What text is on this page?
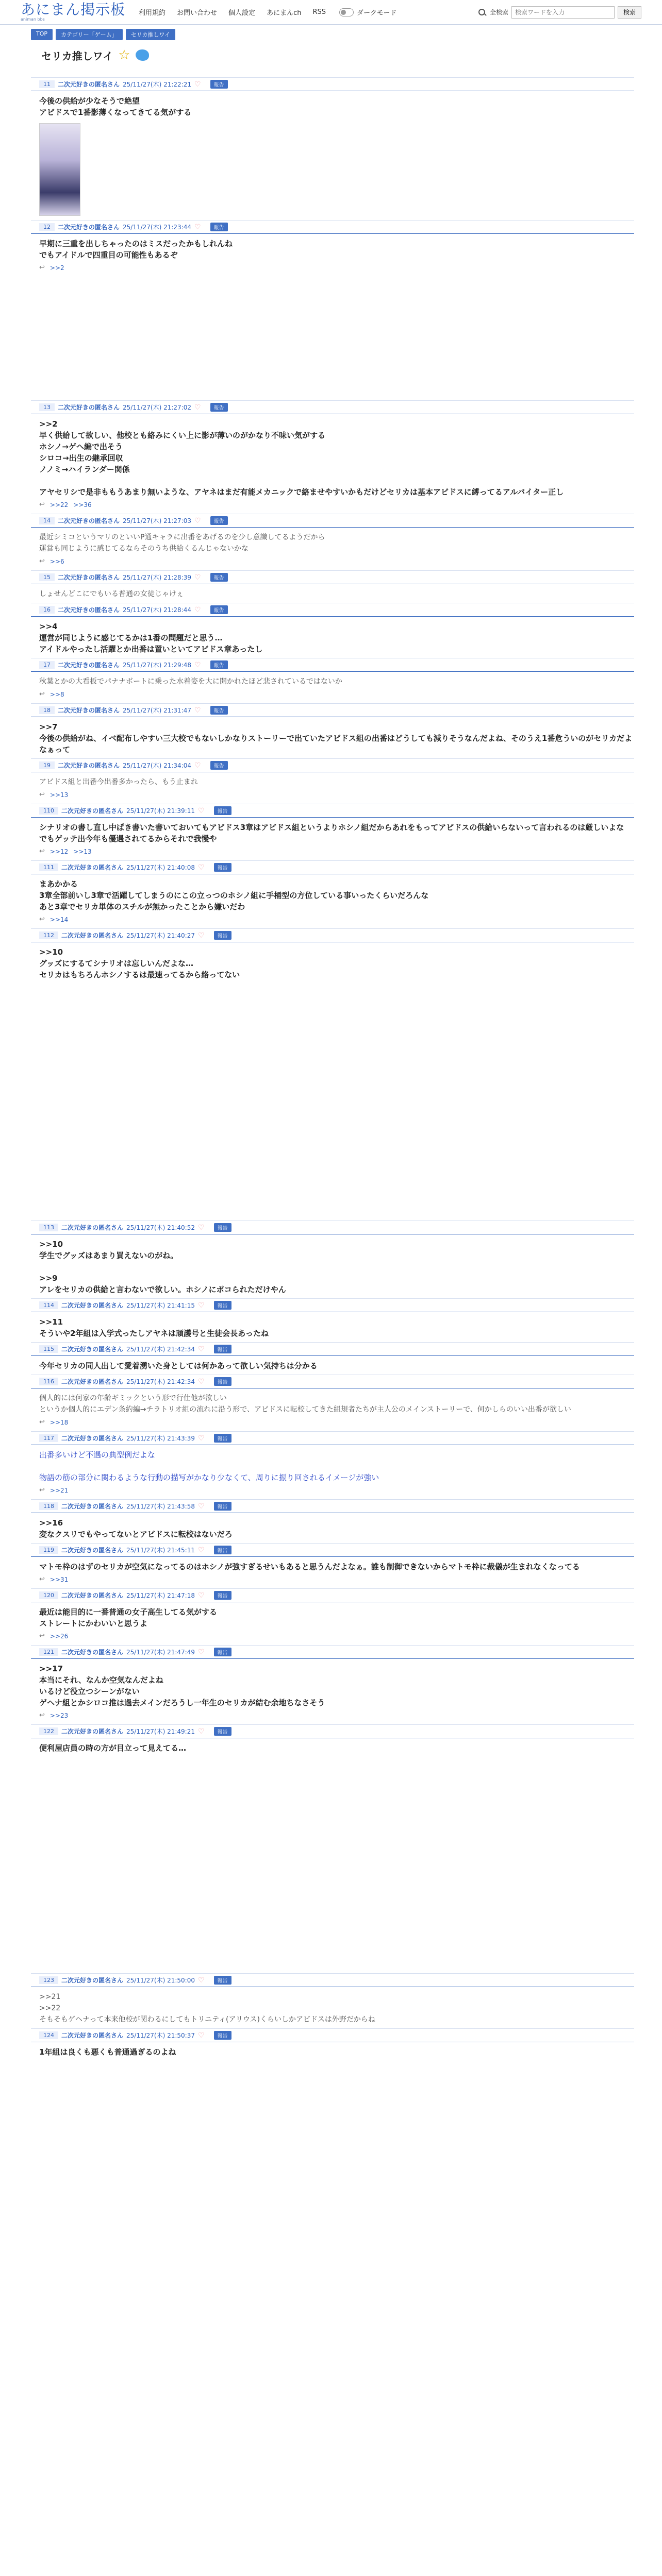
あにまん掲示板
animan bbs
利用規約 お問い合わせ 個人設定 あにまんch RSS	ダークモード	全検索
検索ワードを入力	検索
TOP	カテゴリー「ゲーム」	セリカ推しワイ
セリカ推しワイ ☆
11	二次元好きの匿名さん 25/11/27(木) 21:22:21 ♡	報告
今後の供給が少なそうで絶望
アビドスで1番影薄くなってきてる気がする
12	二次元好きの匿名さん 25/11/27(木) 21:23:44 ♡	報告
早期に三重を出しちゃったのはミスだったかもしれんね
でもアイドルで四重目の可能性もあるぞ
↩ >>2
13	二次元好きの匿名さん 25/11/27(木) 21:27:02 ♡	報告
>>2
早く供給して欲しい、他校とも絡みにくい上に影が薄いのがかなり不味い気がする
ホシノ→ゲヘ編で出そう
シロコ→出生の継承回収
ノノミ→ハイランダー関係

アヤセリシで是非ももうあまり無いような、アヤネはまだ有能メカニックで絡ませやすいかもだけどセリカは基本アビドスに縛ってるアルバイター正し
↩ >>22 >>36
14	二次元好きの匿名さん 25/11/27(木) 21:27:03 ♡	報告
最近シミコというマリのといいP通キャラに出番をあげるのを少し意識してるようだから
運営も同じように感じてるならそのうち供給くるんじゃないかな
↩ >>6
15	二次元好きの匿名さん 25/11/27(木) 21:28:39 ♡	報告
しょせんどこにでもいる普通の女徒じゃけぇ
16	二次元好きの匿名さん 25/11/27(木) 21:28:44 ♡	報告
>>4
運営が同じように感じてるかは1番の問題だと思う…
アイドルやったし活躍とか出番は置いといてアビドス章あったし
17	二次元好きの匿名さん 25/11/27(木) 21:29:48 ♡	報告
秋葉とかの大看板でパナナボートに乗った水着姿を大に開かれたほど悲されているではないか
↩ >>8
18	二次元好きの匿名さん 25/11/27(木) 21:31:47 ♡	報告
>>7
今後の供給がね、イベ配布しやすい三大校でもないしかなりストーリーで出ていたアビドス組の出番はどうしても減りそうなんだよね、そのうえ1番危ういのがセリカだよなぁって
19	二次元好きの匿名さん 25/11/27(木) 21:34:04 ♡	報告
アビドス組と出番今出番多かったら、もう止まれ
↩ >>13
110	二次元好きの匿名さん 25/11/27(木) 21:39:11 ♡	報告
シナリオの書し直し中ぱき書いた書いておいてもアビドス3章はアビドス組というよりホシノ組だからあれをもってアビドスの供給いらないって言われるのは厳しいよな
でもゲッテ出今年も優遇されてるからそれで我慢や
↩ >>12 >>13
111	二次元好きの匿名さん 25/11/27(木) 21:40:08 ♡	報告
まあかかる
3章全部前いし3章で活躍してしまうのにこの立っつのホシノ組に手桶型の方位している事いったくらいだろんな
あと3章でセリカ単体のスチルが無かったことから嫌いだわ
↩ >>14
112	二次元好きの匿名さん 25/11/27(木) 21:40:27 ♡	報告
>>10
グッズにするてシナリオは忘しいんだよな…
セリカはもちろんホシノするは最速ってるから絡ってない
113	二次元好きの匿名さん 25/11/27(木) 21:40:52 ♡	報告
>>10
学生でグッズはあまり買えないのがね。

>>9
アレをセリカの供給と言わないで欲しい。ホシノにポコられただけやん
114	二次元好きの匿名さん 25/11/27(木) 21:41:15 ♡	報告
>>11
そういや2年組は入学式ったしアヤネは頑護号と生徒会長あったね
115	二次元好きの匿名さん 25/11/27(木) 21:42:34 ♡	報告
今年セリカの同人出して愛着湧いた身としては何かあって欲しい気持ちは分かる
116	二次元好きの匿名さん 25/11/27(木) 21:42:34 ♡	報告
個人的には何家の年齢ギミックという形で行仕他が欲しい
というか個人的にエデン条約編→チラトリオ組の流れに沿う形で、アビドスに転校してきた組規者たちが主人公のメインストーリーで、何かしらのいい出番が欲しい
↩ >>18
117	二次元好きの匿名さん 25/11/27(木) 21:43:39 ♡	報告
出番多いけど不遇の典型例だよな

物語の筋の部分に関わるような行動の描写がかなり少なくて、周りに振り回されるイメージが強い
↩ >>21
118	二次元好きの匿名さん 25/11/27(木) 21:43:58 ♡	報告
>>16
変なクスリでもやってないとアビドスに転校はないだろ
119	二次元好きの匿名さん 25/11/27(木) 21:45:11 ♡	報告
マトモ枠のはずのセリカが空気になってるのはホシノが強すぎるせいもあると思うんだよなぁ。誰も制御できないからマトモ枠に裁儀が生まれなくなってる
↩ >>31
120	二次元好きの匿名さん 25/11/27(木) 21:47:18 ♡	報告
最近は能目的に一番普通の女子高生してる気がする
ストレートにかわいいと思うよ
↩ >>26
121	二次元好きの匿名さん 25/11/27(木) 21:47:49 ♡	報告
>>17
本当にそれ、なんか空気なんだよね
いるけど役立つシーンがない
ゲヘナ組とかシロコ推は過去メインだろうし一年生のセリカが結む余地ちなさそう
↩ >>23
122	二次元好きの匿名さん 25/11/27(木) 21:49:21 ♡	報告
便利屋店員の時の方が目立って見えてる…
123	二次元好きの匿名さん 25/11/27(木) 21:50:00 ♡	報告
>>21
>>22
そもそもゲヘナって本来他校が関わるにしてもトリニティ(アリウス)くらいしかアビドスは外野だからね
124	二次元好きの匿名さん 25/11/27(木) 21:50:37 ♡	報告
1年組は良くも悪くも普通過ぎるのよね
